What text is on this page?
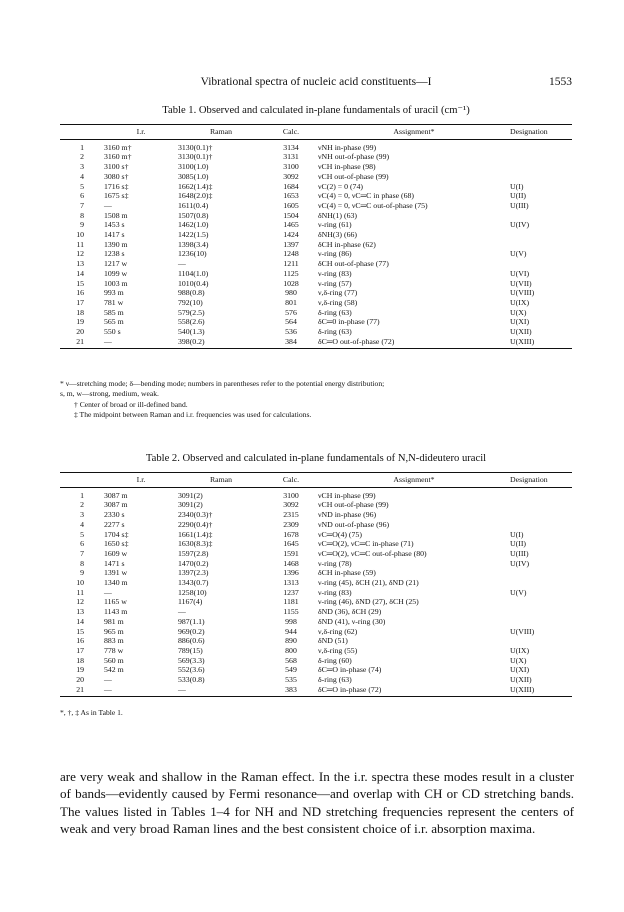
Vibrational spectra of nucleic acid constituents—I	1553
Table 1. Observed and calculated in-plane fundamentals of uracil (cm⁻¹)
	I.r.	Raman	Calc.	Assignment*	Designation
1	3160 m†	3130(0.1)†	3134	νNH in-phase (99)	
2	3160 m†	3130(0.1)†	3131	νNH out-of-phase (99)	
3	3100 s†	3100(1.0)	3100	νCH in-phase (98)	
4	3080 s†	3085(1.0)	3092	νCH out-of-phase (99)	
5	1716 s‡	1662(1.4)‡	1684	νC(2) = 0 (74)	U(I)
6	1675 s‡	1648(2.0)‡	1653	νC(4) = 0, νC═C in phase (68)	U(II)
7	—	1611(0.4)	1605	νC(4) = 0, νC═C out-of-phase (75)	U(III)
8	1508 m	1507(0.8)	1504	δNH(1) (63)	
9	1453 s	1462(1.0)	1465	ν-ring (61)	U(IV)
10	1417 s	1422(1.5)	1424	δNH(3) (66)	
11	1390 m	1398(3.4)	1397	δCH in-phase (62)	
12	1238 s	1236(10)	1248	ν-ring (86)	U(V)
13	1217 w	—	1211	δCH out-of-phase (77)	
14	1099 w	1104(1.0)	1125	ν-ring (83)	U(VI)
15	1003 m	1010(0.4)	1028	ν-ring (57)	U(VII)
16	993 m	988(0.8)	980	ν,δ-ring (77)	U(VIII)
17	781 w	792(10)	801	ν,δ-ring (58)	U(IX)
18	585 m	579(2.5)	576	δ-ring (63)	U(X)
19	565 m	558(2.6)	564	δC═0 in-phase (77)	U(XI)
20	550 s	540(1.3)	536	δ-ring (63)	U(XII)
21	—	398(0.2)	384	δC═O out-of-phase (72)	U(XIII)
* ν—stretching mode; δ—bending mode; numbers in parentheses refer to the potential energy distribution;
s, m, w—strong, medium, weak.
† Center of broad or ill-defined band.
‡ The midpoint between Raman and i.r. frequencies was used for calculations.
Table 2. Observed and calculated in-plane fundamentals of N,N-dideutero uracil
	I.r.	Raman	Calc.	Assignment*	Designation
1	3087 m	3091(2)	3100	νCH in-phase (99)	
2	3087 m	3091(2)	3092	νCH out-of-phase (99)	
3	2330 s	2340(0.3)†	2315	νND in-phase (96)	
4	2277 s	2290(0.4)†	2309	νND out-of-phase (96)	
5	1704 s‡	1661(1.4)‡	1678	νC═O(4) (75)	U(I)
6	1650 s‡	1630(8.3)‡	1645	νC═O(2), νC═C in-phase (71)	U(II)
7	1609 w	1597(2.8)	1591	νC═O(2), νC═C out-of-phase (80)	U(III)
8	1471 s	1470(0.2)	1468	ν-ring (78)	U(IV)
9	1391 w	1397(2.3)	1396	δCH in-phase (59)	
10	1340 m	1343(0.7)	1313	ν-ring (45), δCH (21), δND (21)	
11	—	1258(10)	1237	ν-ring (83)	U(V)
12	1165 w	1167(4)	1181	ν-ring (46), δND (27), δCH (25)	
13	1143 m	—	1155	δND (36), δCH (29)	
14	981 m	987(1.1)	998	δND (41), ν-ring (30)	
15	965 m	969(0.2)	944	ν,δ-ring (62)	U(VIII)
16	883 m	886(0.6)	890	δND (51)	
17	778 w	789(15)	800	ν,δ-ring (55)	U(IX)
18	560 m	569(3.3)	568	δ-ring (60)	U(X)
19	542 m	552(3.6)	549	δC═O in-phase (74)	U(XI)
20	—	533(0.8)	535	δ-ring (63)	U(XII)
21	—	—	383	δC═O in-phase (72)	U(XIII)
*, †, ‡ As in Table 1.
are very weak and shallow in the Raman effect. In the i.r. spectra these modes result in a cluster of bands—evidently caused by Fermi resonance—and overlap with CH or CD stretching bands. The values listed in Tables 1–4 for NH and ND stretching frequencies represent the centers of weak and very broad Raman lines and the best consistent choice of i.r. absorption maxima.
